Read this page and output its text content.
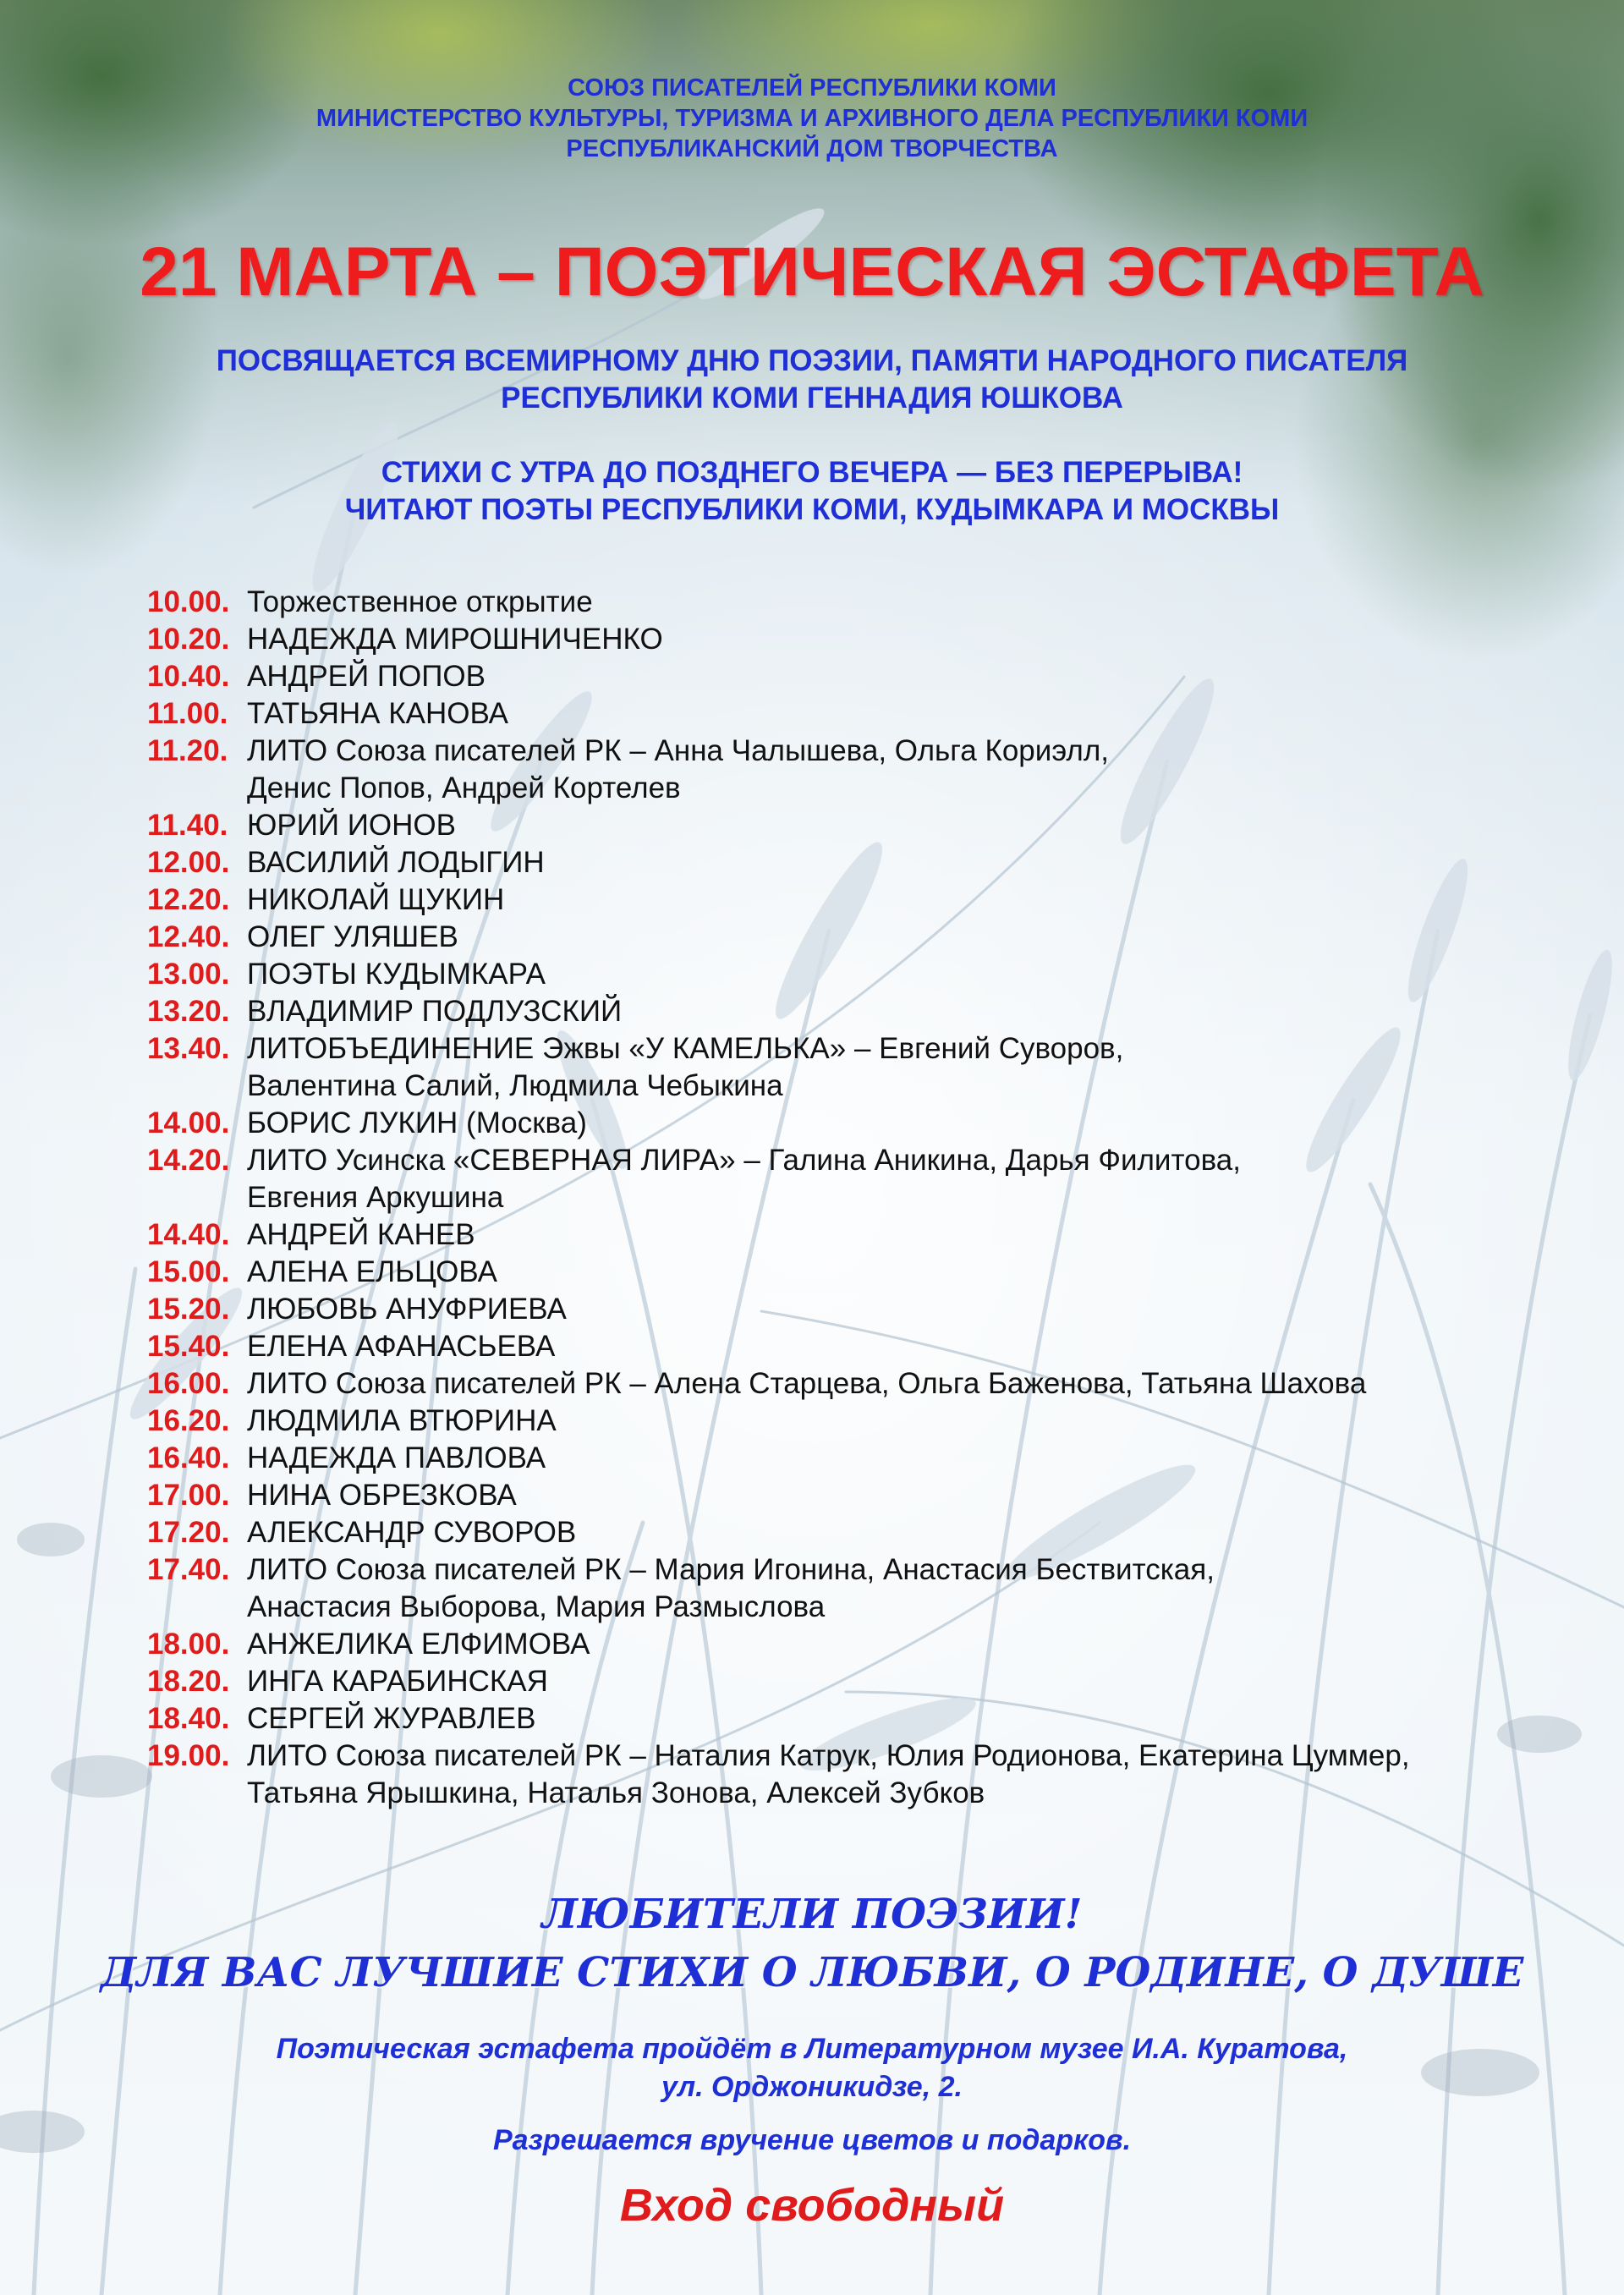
СОЮЗ ПИСАТЕЛЕЙ РЕСПУБЛИКИ КОМИ
МИНИСТЕРСТВО КУЛЬТУРЫ, ТУРИЗМА И АРХИВНОГО ДЕЛА РЕСПУБЛИКИ КОМИ
РЕСПУБЛИКАНСКИЙ ДОМ ТВОРЧЕСТВА
21 МАРТА – ПОЭТИЧЕСКАЯ ЭСТАФЕТА
ПОСВЯЩАЕТСЯ ВСЕМИРНОМУ ДНЮ ПОЭЗИИ, ПАМЯТИ НАРОДНОГО ПИСАТЕЛЯ
РЕСПУБЛИКИ КОМИ ГЕННАДИЯ ЮШКОВА
СТИХИ С УТРА ДО ПОЗДНЕГО ВЕЧЕРА — БЕЗ ПЕРЕРЫВА!
ЧИТАЮТ ПОЭТЫ РЕСПУБЛИКИ КОМИ, КУДЫМКАРА И МОСКВЫ
10.00. Торжественное открытие
10.20. НАДЕЖДА МИРОШНИЧЕНКО
10.40. АНДРЕЙ ПОПОВ
11.00. ТАТЬЯНА КАНОВА
11.20. ЛИТО Союза писателей РК – Анна Чалышева, Ольга Кориэлл,
Денис Попов, Андрей Кортелев
11.40. ЮРИЙ ИОНОВ
12.00. ВАСИЛИЙ ЛОДЫГИН
12.20. НИКОЛАЙ ЩУКИН
12.40. ОЛЕГ УЛЯШЕВ
13.00. ПОЭТЫ КУДЫМКАРА
13.20. ВЛАДИМИР ПОДЛУЗСКИЙ
13.40. ЛИТОБЪЕДИНЕНИЕ Эжвы «У КАМЕЛЬКА» – Евгений Суворов,
Валентина Салий, Людмила Чебыкина
14.00. БОРИС ЛУКИН (Москва)
14.20. ЛИТО Усинска «СЕВЕРНАЯ ЛИРА» – Галина Аникина, Дарья Филитова,
Евгения Аркушина
14.40. АНДРЕЙ КАНЕВ
15.00. АЛЕНА ЕЛЬЦОВА
15.20. ЛЮБОВЬ АНУФРИЕВА
15.40. ЕЛЕНА АФАНАСЬЕВА
16.00. ЛИТО Союза писателей РК – Алена Старцева, Ольга Баженова, Татьяна Шахова
16.20. ЛЮДМИЛА ВТЮРИНА
16.40. НАДЕЖДА ПАВЛОВА
17.00. НИНА ОБРЕЗКОВА
17.20. АЛЕКСАНДР СУВОРОВ
17.40. ЛИТО Союза писателей РК – Мария Игонина, Анастасия Бествитская,
Анастасия Выборова, Мария Размыслова
18.00. АНЖЕЛИКА ЕЛФИМОВА
18.20. ИНГА КАРАБИНСКАЯ
18.40. СЕРГЕЙ ЖУРАВЛЕВ
19.00. ЛИТО Союза писателей РК – Наталия Катрук, Юлия Родионова, Екатерина Цуммер,
Татьяна Ярышкина, Наталья Зонова, Алексей Зубков
ЛЮБИТЕЛИ ПОЭЗИИ!
ДЛЯ ВАС ЛУЧШИЕ СТИХИ О ЛЮБВИ, О РОДИНЕ, О ДУШЕ
Поэтическая эстафета пройдёт в Литературном музее И.А. Куратова,
ул. Орджоникидзе, 2.
Разрешается вручение цветов и подарков.
Вход свободный
